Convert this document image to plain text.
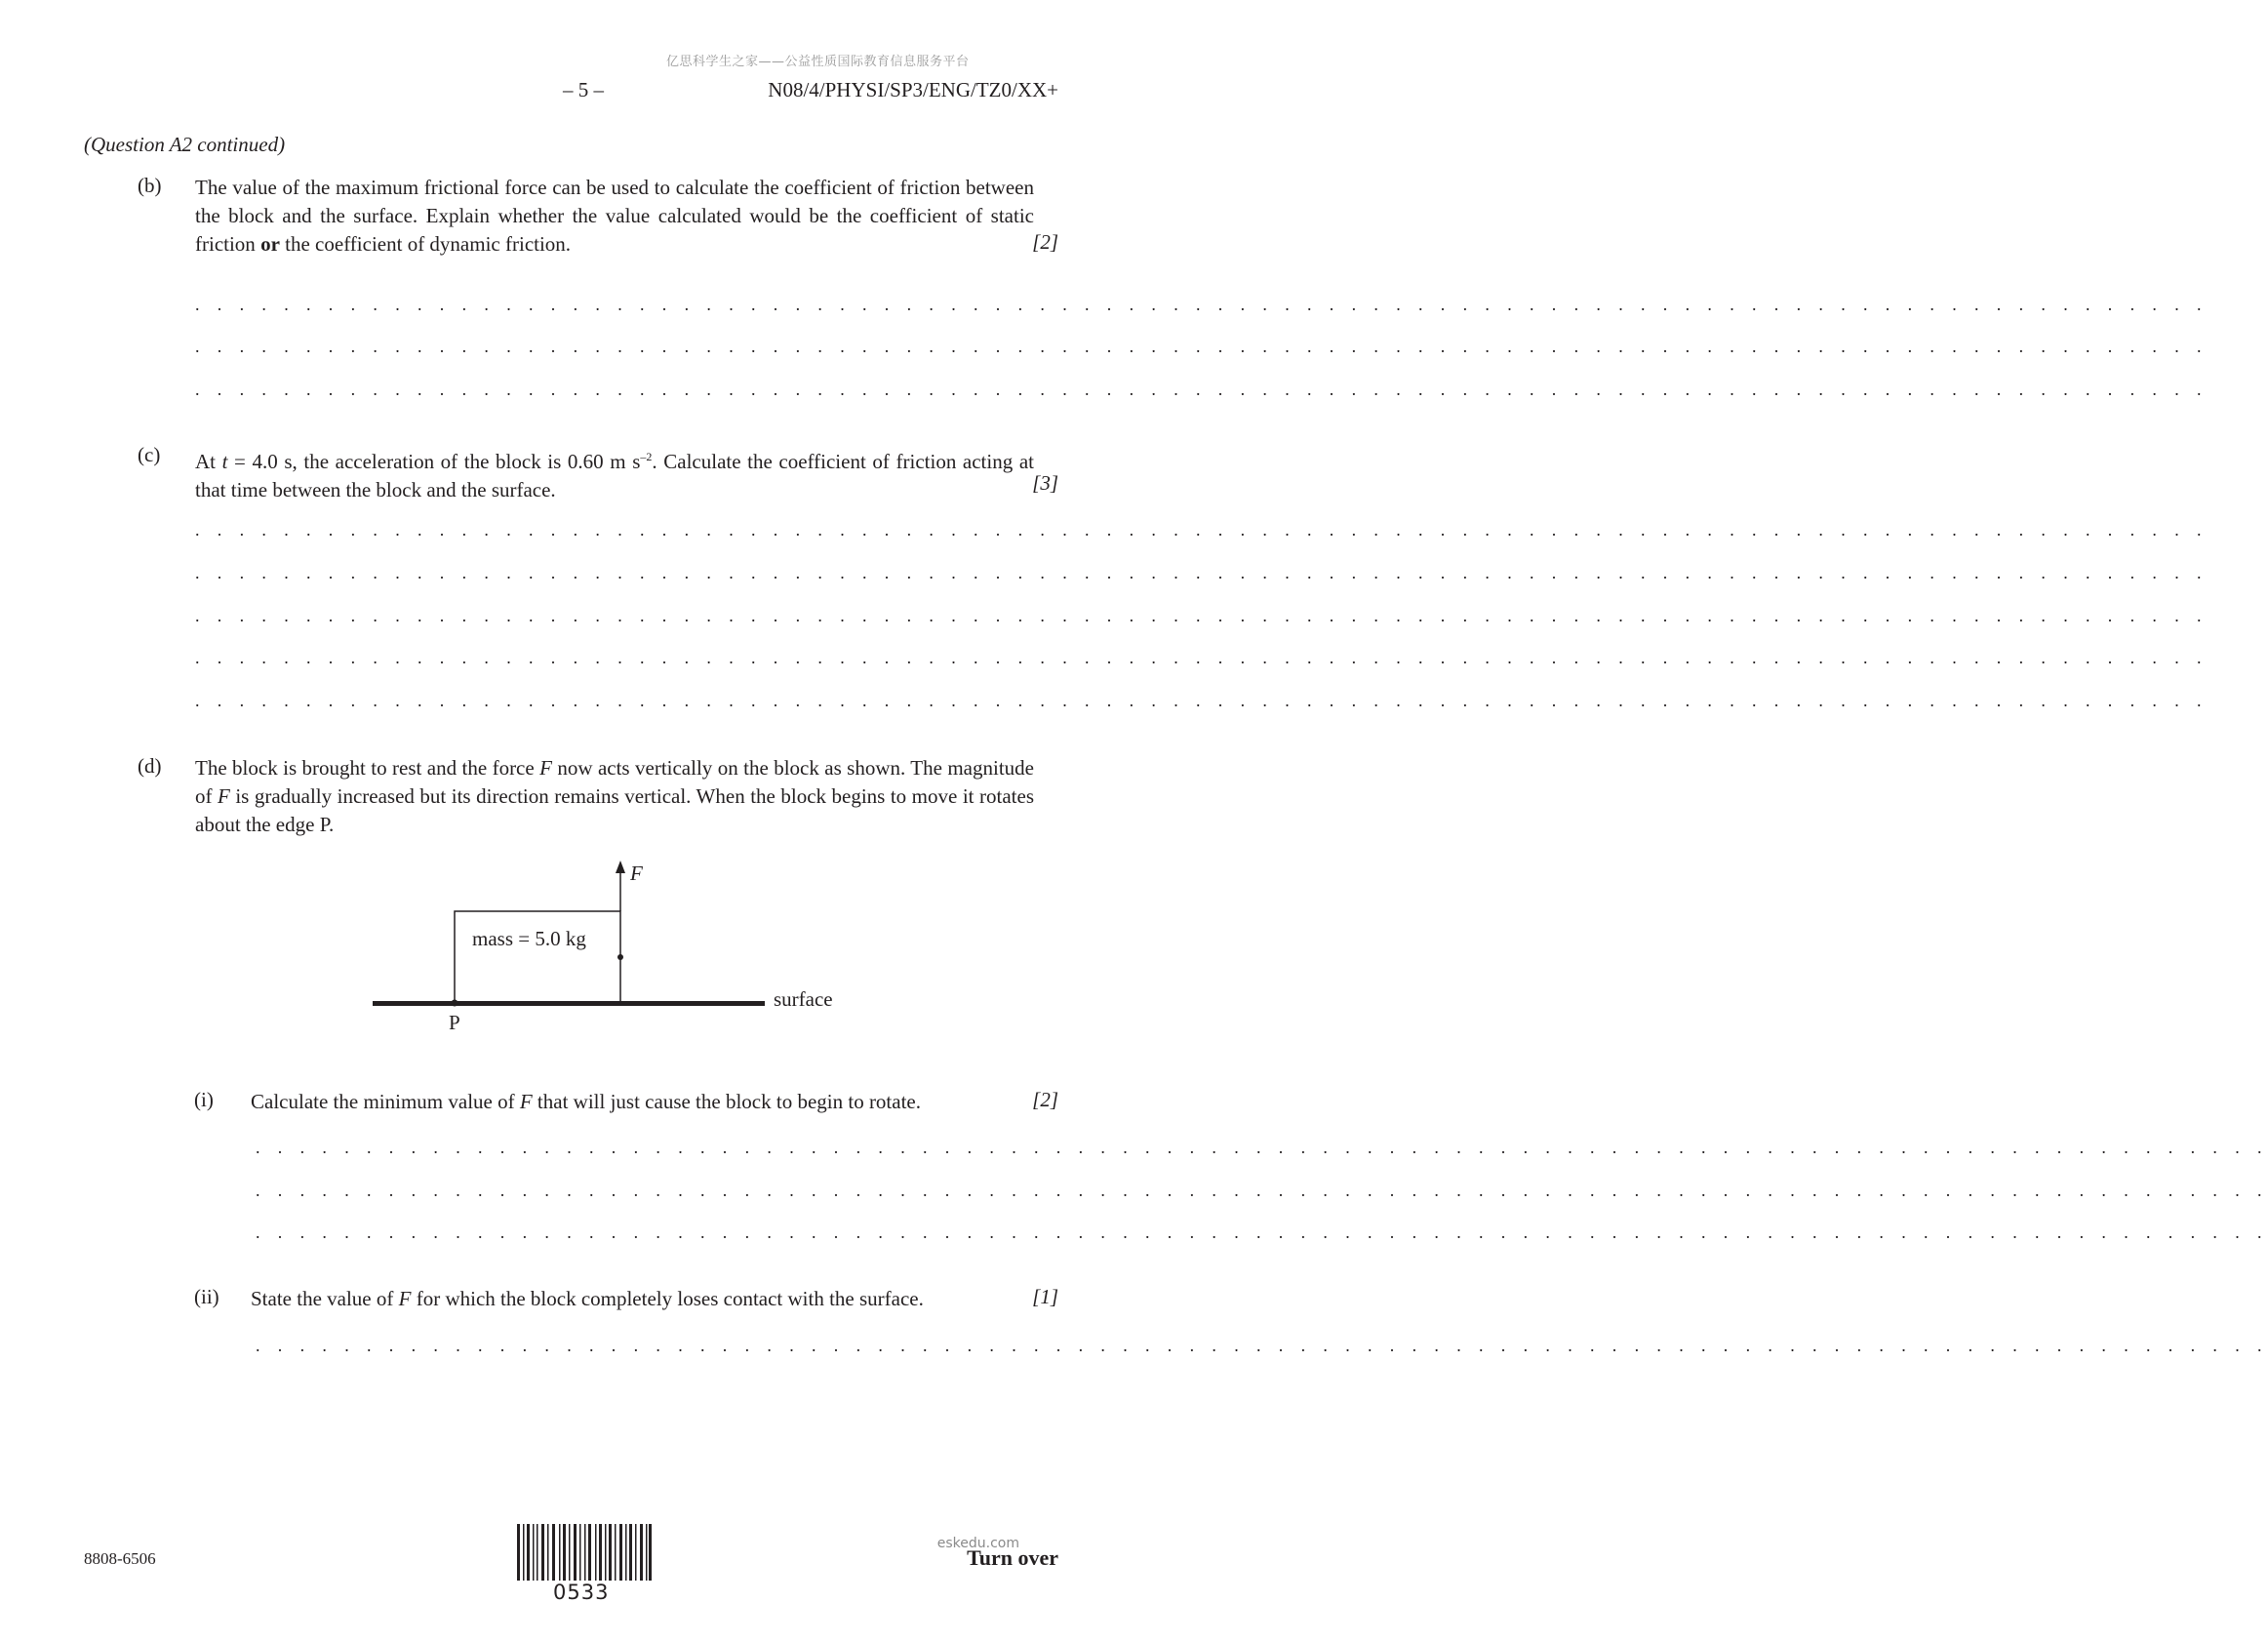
亿思科学生之家——公益性质国际教育信息服务平台
– 5 –	N08/4/PHYSI/SP3/ENG/TZ0/XX+
(Question A2 continued)
(b) The value of the maximum frictional force can be used to calculate the coefficient of friction between the block and the surface. Explain whether the value calculated would be the coefficient of static friction or the coefficient of dynamic friction.	[2]
. . . . . . . . . . . . . . . . . . . . . . . . . . . . . . . . . . . . . . . . . . . . . . . . . . . . . . . . . . . . . . . . . . . . . . . . . . . . . . . . . . . . . . . . . . .
. . . . . . . . . . . . . . . . . . . . . . . . . . . . . . . . . . . . . . . . . . . . . . . . . . . . . . . . . . . . . . . . . . . . . . . . . . . . . . . . . . . . . . . . . . .
. . . . . . . . . . . . . . . . . . . . . . . . . . . . . . . . . . . . . . . . . . . . . . . . . . . . . . . . . . . . . . . . . . . . . . . . . . . . . . . . . . . . . . . . . . .
(c) At t = 4.0 s, the acceleration of the block is 0.60 m $s^{-2}$. Calculate the coefficient of friction acting at that time between the block and the surface.	[3]
. . . . . . . . . . . . . . . . . . . . . . . . . . . . . . . . . . . . . . . . . . . . . . . . . . . . . . . . . . . . . . . . . . . . . . . . . . . . . . . . . . . . . . . . . . .
. . . . . . . . . . . . . . . . . . . . . . . . . . . . . . . . . . . . . . . . . . . . . . . . . . . . . . . . . . . . . . . . . . . . . . . . . . . . . . . . . . . . . . . . . . .
. . . . . . . . . . . . . . . . . . . . . . . . . . . . . . . . . . . . . . . . . . . . . . . . . . . . . . . . . . . . . . . . . . . . . . . . . . . . . . . . . . . . . . . . . . .
. . . . . . . . . . . . . . . . . . . . . . . . . . . . . . . . . . . . . . . . . . . . . . . . . . . . . . . . . . . . . . . . . . . . . . . . . . . . . . . . . . . . . . . . . . .
. . . . . . . . . . . . . . . . . . . . . . . . . . . . . . . . . . . . . . . . . . . . . . . . . . . . . . . . . . . . . . . . . . . . . . . . . . . . . . . . . . . . . . . . . . .
(d) The block is brought to rest and the force F now acts vertically on the block as shown. The magnitude of F is gradually increased but its direction remains vertical. When the block begins to move it rotates about the edge P.
F
mass = 5.0 kg
surface
P
(i) Calculate the minimum value of F that will just cause the block to begin to rotate.	[2]
. . . . . . . . . . . . . . . . . . . . . . . . . . . . . . . . . . . . . . . . . . . . . . . . . . . . . . . . . . . . . . . . . . . . . . . . . . . . . . . . . . . . . . . . . . .
. . . . . . . . . . . . . . . . . . . . . . . . . . . . . . . . . . . . . . . . . . . . . . . . . . . . . . . . . . . . . . . . . . . . . . . . . . . . . . . . . . . . . . . . . . .
. . . . . . . . . . . . . . . . . . . . . . . . . . . . . . . . . . . . . . . . . . . . . . . . . . . . . . . . . . . . . . . . . . . . . . . . . . . . . . . . . . . . . . . . . . .
(ii) State the value of F for which the block completely loses contact with the surface.	[1]
. . . . . . . . . . . . . . . . . . . . . . . . . . . . . . . . . . . . . . . . . . . . . . . . . . . . . . . . . . . . . . . . . . . . . . . . . . . . . . . . . . . . . . . . . . .
8808-6506
0533
eskedu.com
Turn over
